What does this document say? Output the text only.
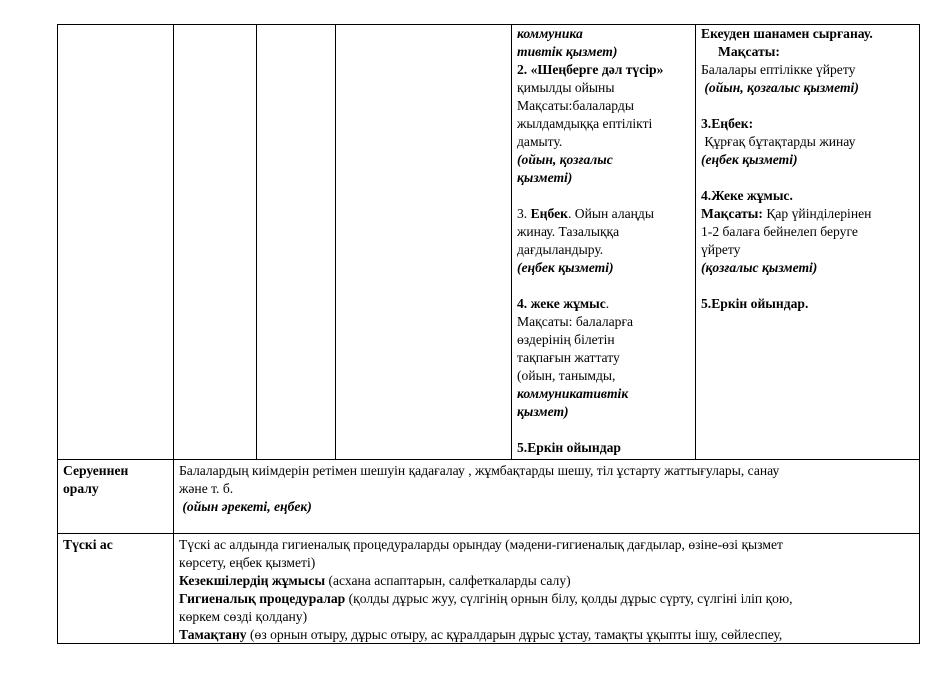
коммуника
тивтік қызмет)
2. «Шеңберге дәл түсір»
қимылды ойыны
Мақсаты:балаларды
жылдамдыққа ептілікті
дамыту.
(ойын, қозғалыс
қызметі)

3. Еңбек. Ойын алаңды
жинау. Тазалыққа
дағдыландыру.
(еңбек қызметі)

4. жеке жұмыс.
Мақсаты: балаларға
өздерінің білетін
тақпағын жаттату
(ойын, танымды,
коммуникативтік
қызмет)

5.Еркін ойындар
Екеуден шанамен сырғанау.
Мақсаты:
Балалары ептілікке үйрету
(ойын, қозғалыс қызметі)

3.Еңбек:
Құрғақ бұтақтарды жинау
(еңбек қызметі)

4.Жеке жұмыс.
Мақсаты: Қар үйінділерінен
1-2 балаға бейнелеп беруге
үйрету
(қозғалыс қызметі)

5.Еркін ойындар.
Серуеннен
оралу
Балалардың киімдерін ретімен шешуін қадағалау , жұмбақтарды шешу, тіл ұстарту жаттығулары, санау
және т. б.
(ойын әрекеті, еңбек)
Түскі ас	Түскі ас алдында гигиеналық процедураларды орындау (мәдени-гигиеналық дағдылар, өзіне-өзі қызмет
көрсету, еңбек қызметі)
Кезекшілердің жұмысы (асхана аспаптарын, салфеткаларды салу)
Гигиеналық процедуралар (қолды дұрыс жуу, сүлгінің орнын білу, қолды дұрыс сүрту, сүлгіні іліп қою,
көркем сөзді қолдану)
Тамақтану (өз орнын отыру, дұрыс отыру, ас құралдарын дұрыс ұстау, тамақты ұқыпты ішу, сөйлеспеу,
